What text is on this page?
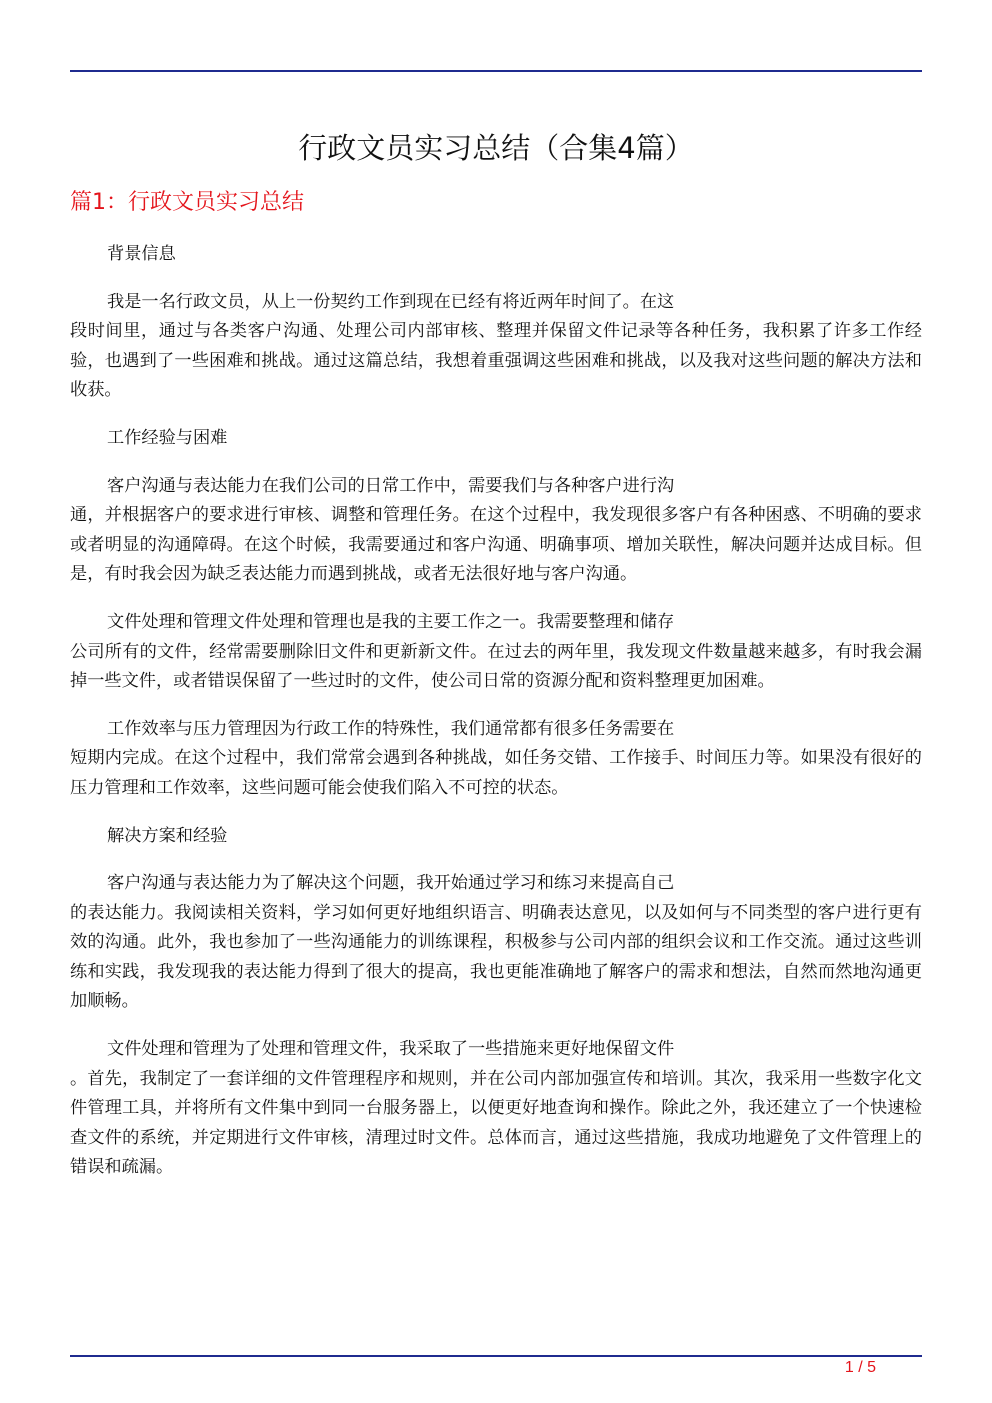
行政文员实习总结（合集4篇）
篇1：行政文员实习总结
背景信息
我是一名行政文员，从上一份契约工作到现在已经有将近两年时间了。在这
段时间里，通过与各类客户沟通、处理公司内部审核、整理并保留文件记录等各种任务，我积累了许多工作经验，也遇到了一些困难和挑战。通过这篇总结，我想着重强调这些困难和挑战，以及我对这些问题的解决方法和收获。
工作经验与困难
客户沟通与表达能力在我们公司的日常工作中，需要我们与各种客户进行沟
通，并根据客户的要求进行审核、调整和管理任务。在这个过程中，我发现很多客户有各种困惑、不明确的要求或者明显的沟通障碍。在这个时候，我需要通过和客户沟通、明确事项、增加关联性，解决问题并达成目标。但是，有时我会因为缺乏表达能力而遇到挑战，或者无法很好地与客户沟通。
文件处理和管理文件处理和管理也是我的主要工作之一。我需要整理和储存
公司所有的文件，经常需要删除旧文件和更新新文件。在过去的两年里，我发现文件数量越来越多，有时我会漏掉一些文件，或者错误保留了一些过时的文件，使公司日常的资源分配和资料整理更加困难。
工作效率与压力管理因为行政工作的特殊性，我们通常都有很多任务需要在
短期内完成。在这个过程中，我们常常会遇到各种挑战，如任务交错、工作接手、时间压力等。如果没有很好的压力管理和工作效率，这些问题可能会使我们陷入不可控的状态。
解决方案和经验
客户沟通与表达能力为了解决这个问题，我开始通过学习和练习来提高自己
的表达能力。我阅读相关资料，学习如何更好地组织语言、明确表达意见，以及如何与不同类型的客户进行更有效的沟通。此外，我也参加了一些沟通能力的训练课程，积极参与公司内部的组织会议和工作交流。通过这些训练和实践，我发现我的表达能力得到了很大的提高，我也更能准确地了解客户的需求和想法，自然而然地沟通更加顺畅。
文件处理和管理为了处理和管理文件，我采取了一些措施来更好地保留文件
。首先，我制定了一套详细的文件管理程序和规则，并在公司内部加强宣传和培训。其次，我采用一些数字化文件管理工具，并将所有文件集中到同一台服务器上，以便更好地查询和操作。除此之外，我还建立了一个快速检查文件的系统，并定期进行文件审核，清理过时文件。总体而言，通过这些措施，我成功地避免了文件管理上的错误和疏漏。
1 / 5
